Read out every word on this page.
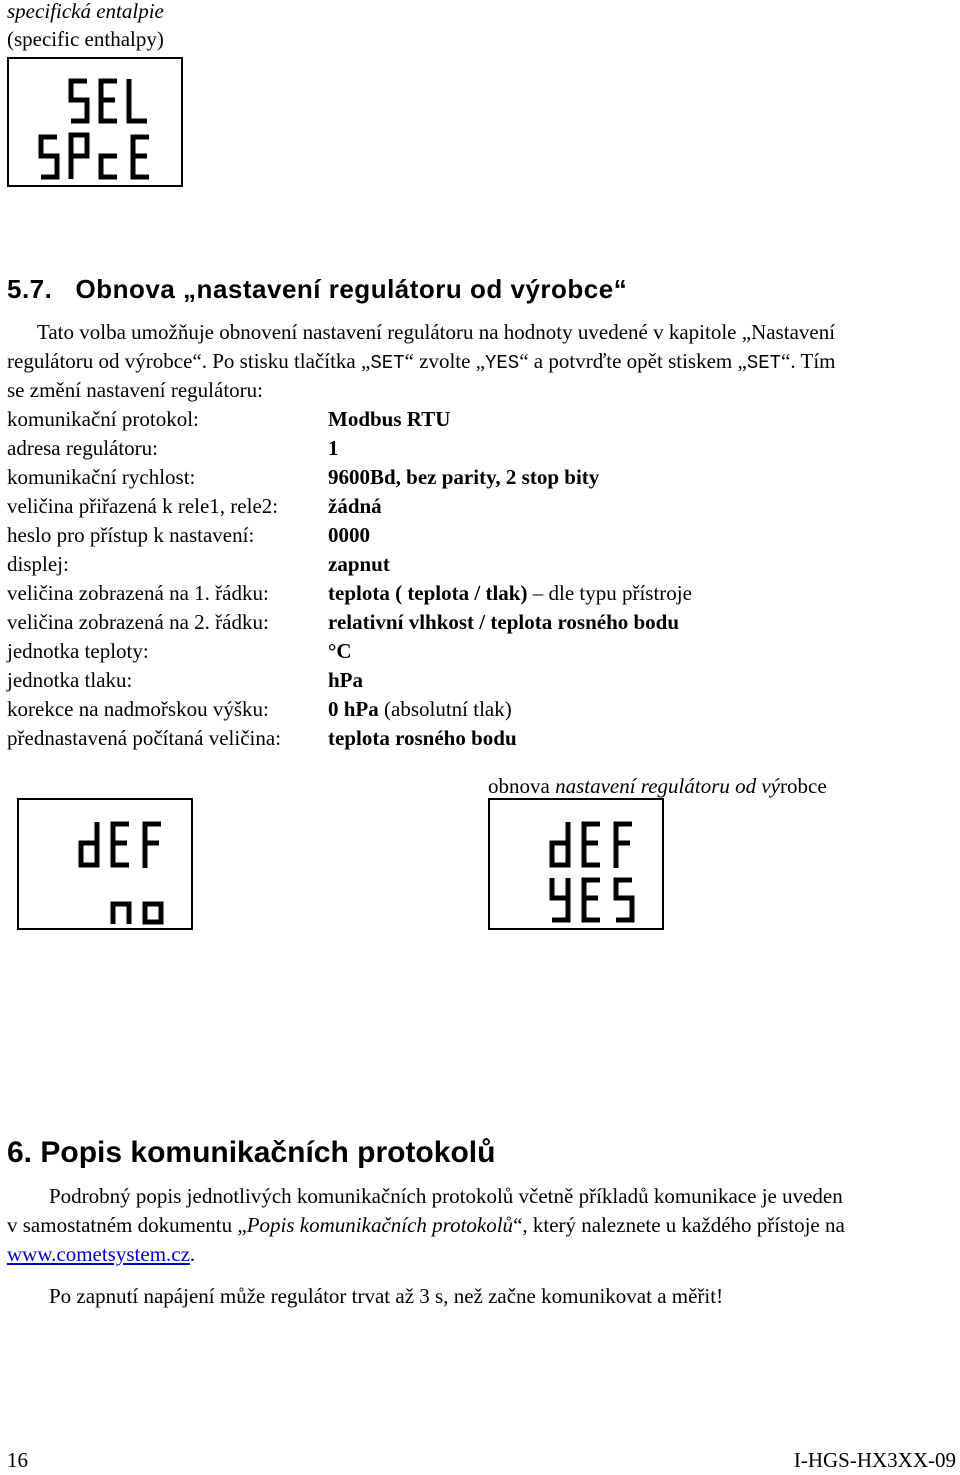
specifická entalpie
(specific enthalpy)
5.7. Obnova „nastavení regulátoru od výrobce“
Tato volba umožňuje obnovení nastavení regulátoru na hodnoty uvedené v kapitole „Nastavení
regulátoru od výrobce“. Po stisku tlačítka „SET“ zvolte „YES“ a potvrďte opět stiskem „SET“. Tím
se změní nastavení regulátoru:
komunikační protokol:	Modbus RTU
adresa regulátoru:	1
komunikační rychlost:	9600Bd, bez parity, 2 stop bity
veličina přiřazená k rele1, rele2: žádná
heslo pro přístup k nastavení:	0000
displej:	zapnut
veličina zobrazená na 1. řádku:	teplota ( teplota / tlak) – dle typu přístroje
veličina zobrazená na 2. řádku:	relativní vlhkost / teplota rosného bodu
jednotka teploty:	°C
jednotka tlaku:	hPa
korekce na nadmořskou výšku:	0 hPa (absolutní tlak)
přednastavená počítaná veličina: teplota rosného bodu
obnova nastavení regulátoru od výrobce
6. Popis komunikačních protokolů
Podrobný popis jednotlivých komunikačních protokolů včetně příkladů komunikace je uveden
v samostatném dokumentu „Popis komunikačních protokolů“, který naleznete u každého přístoje na
www.cometsystem.cz.
Po zapnutí napájení může regulátor trvat až 3 s, než začne komunikovat a měřit!
16	I-HGS-HX3XX-09
